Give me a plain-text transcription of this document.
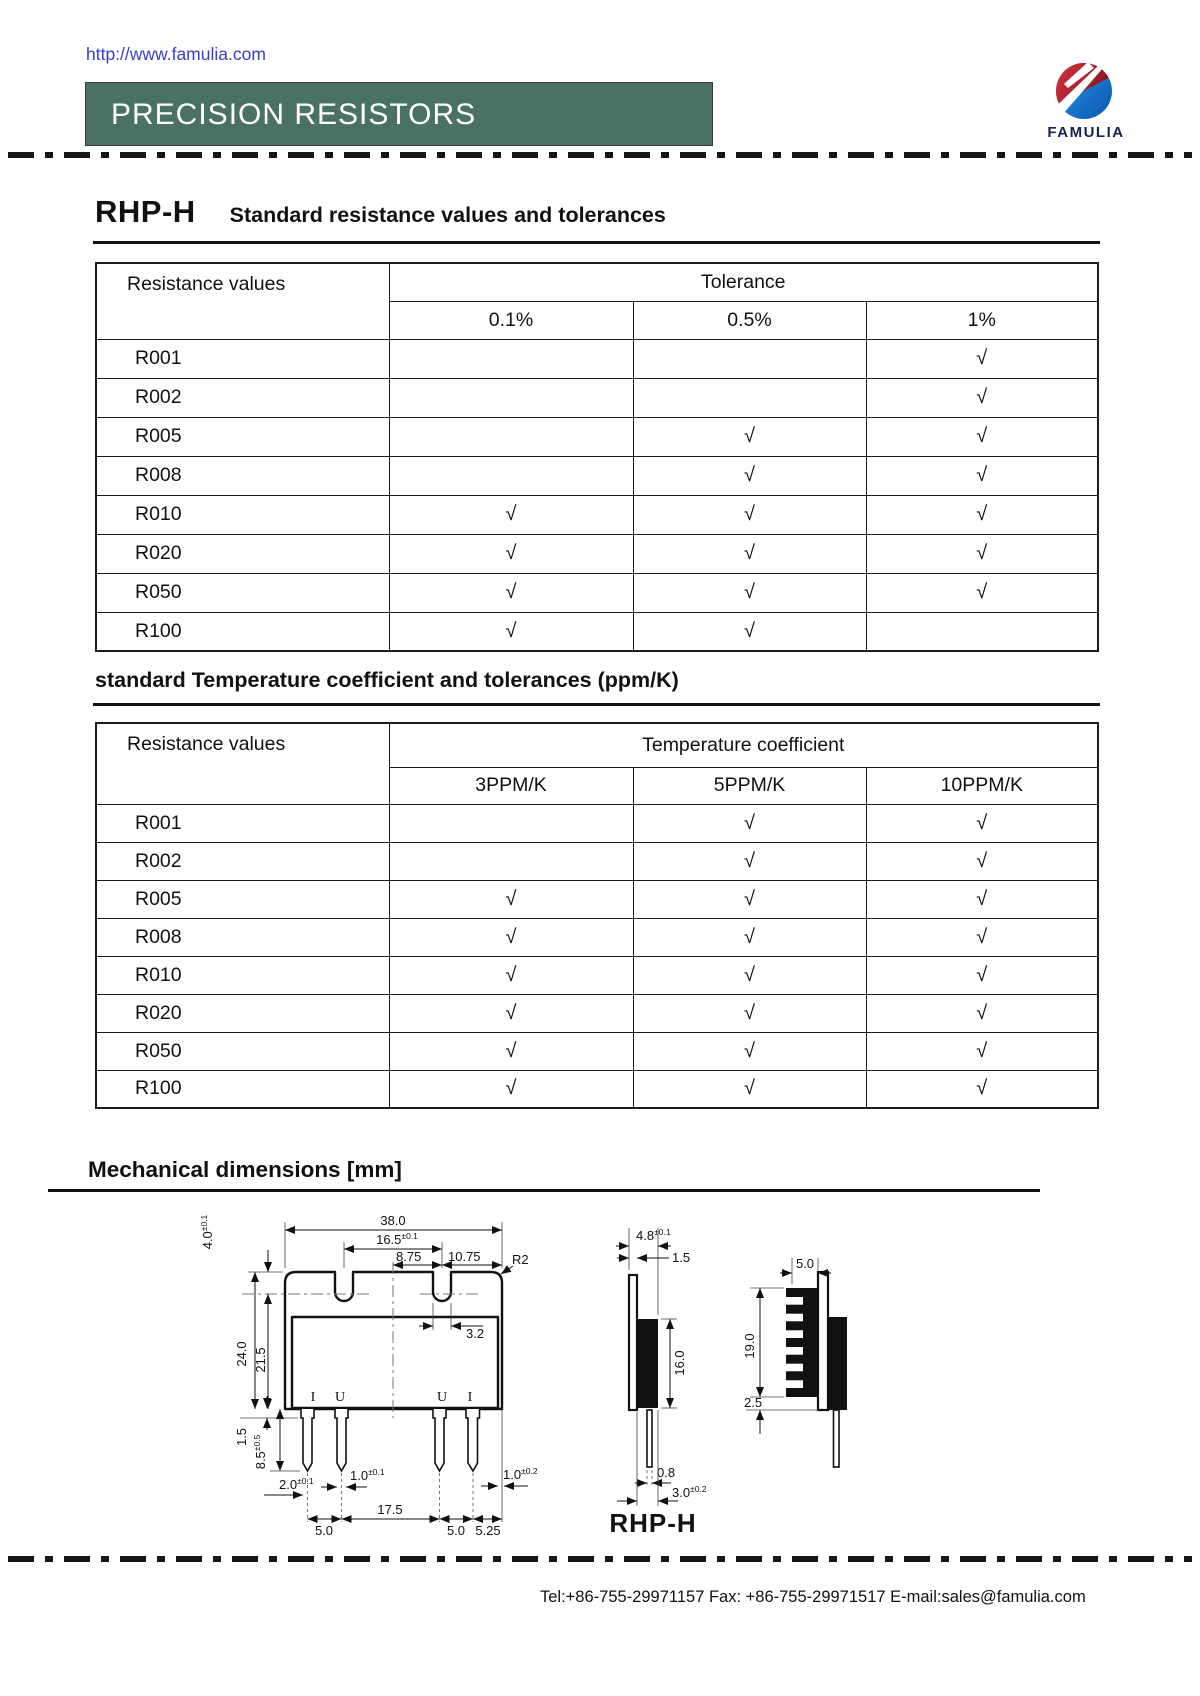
http://www.famulia.com
PRECISION RESISTORS
FAMULIA
RHP-H Standard resistance values and tolerances
Resistance values	Tolerance		
	0.1%	0.5%	1%
R001			√
R002			√
R005		√	√
R008		√	√
R010	√	√	√
R020	√	√	√
R050	√	√	√
R100	√	√	
standard Temperature coefficient and tolerances (ppm/K)
Resistance values	Temperature coefficient		
	3PPM/K	5PPM/K	10PPM/K
R001		√	√
R002		√	√
R005	√	√	√
R008	√	√	√
R010	√	√	√
R020	√	√	√
R050	√	√	√
R100	√	√	√
Mechanical dimensions [mm]
I U	U I
38.0
$16.5^{\pm 0.1}$
8.75 10.75 R2
3.2
24.0 21.5
$4.0^{\pm 0.1}$
1.5
$8.5^{\pm 0.5}$
$2.0^{\pm 0.1}$	$1.0^{\pm 0.1}$	$1.0^{\pm 0.2}$
17.5
5.0	5.0 5.25
$4.8^{\pm 0.1}$
1.5
16.0
0.8
$3.0^{\pm 0.2}$
RHP-H
5.0
19.0
2.5
Tel:+86-755-29971157 Fax: +86-755-29971517 E-mail:sales@famulia.com
